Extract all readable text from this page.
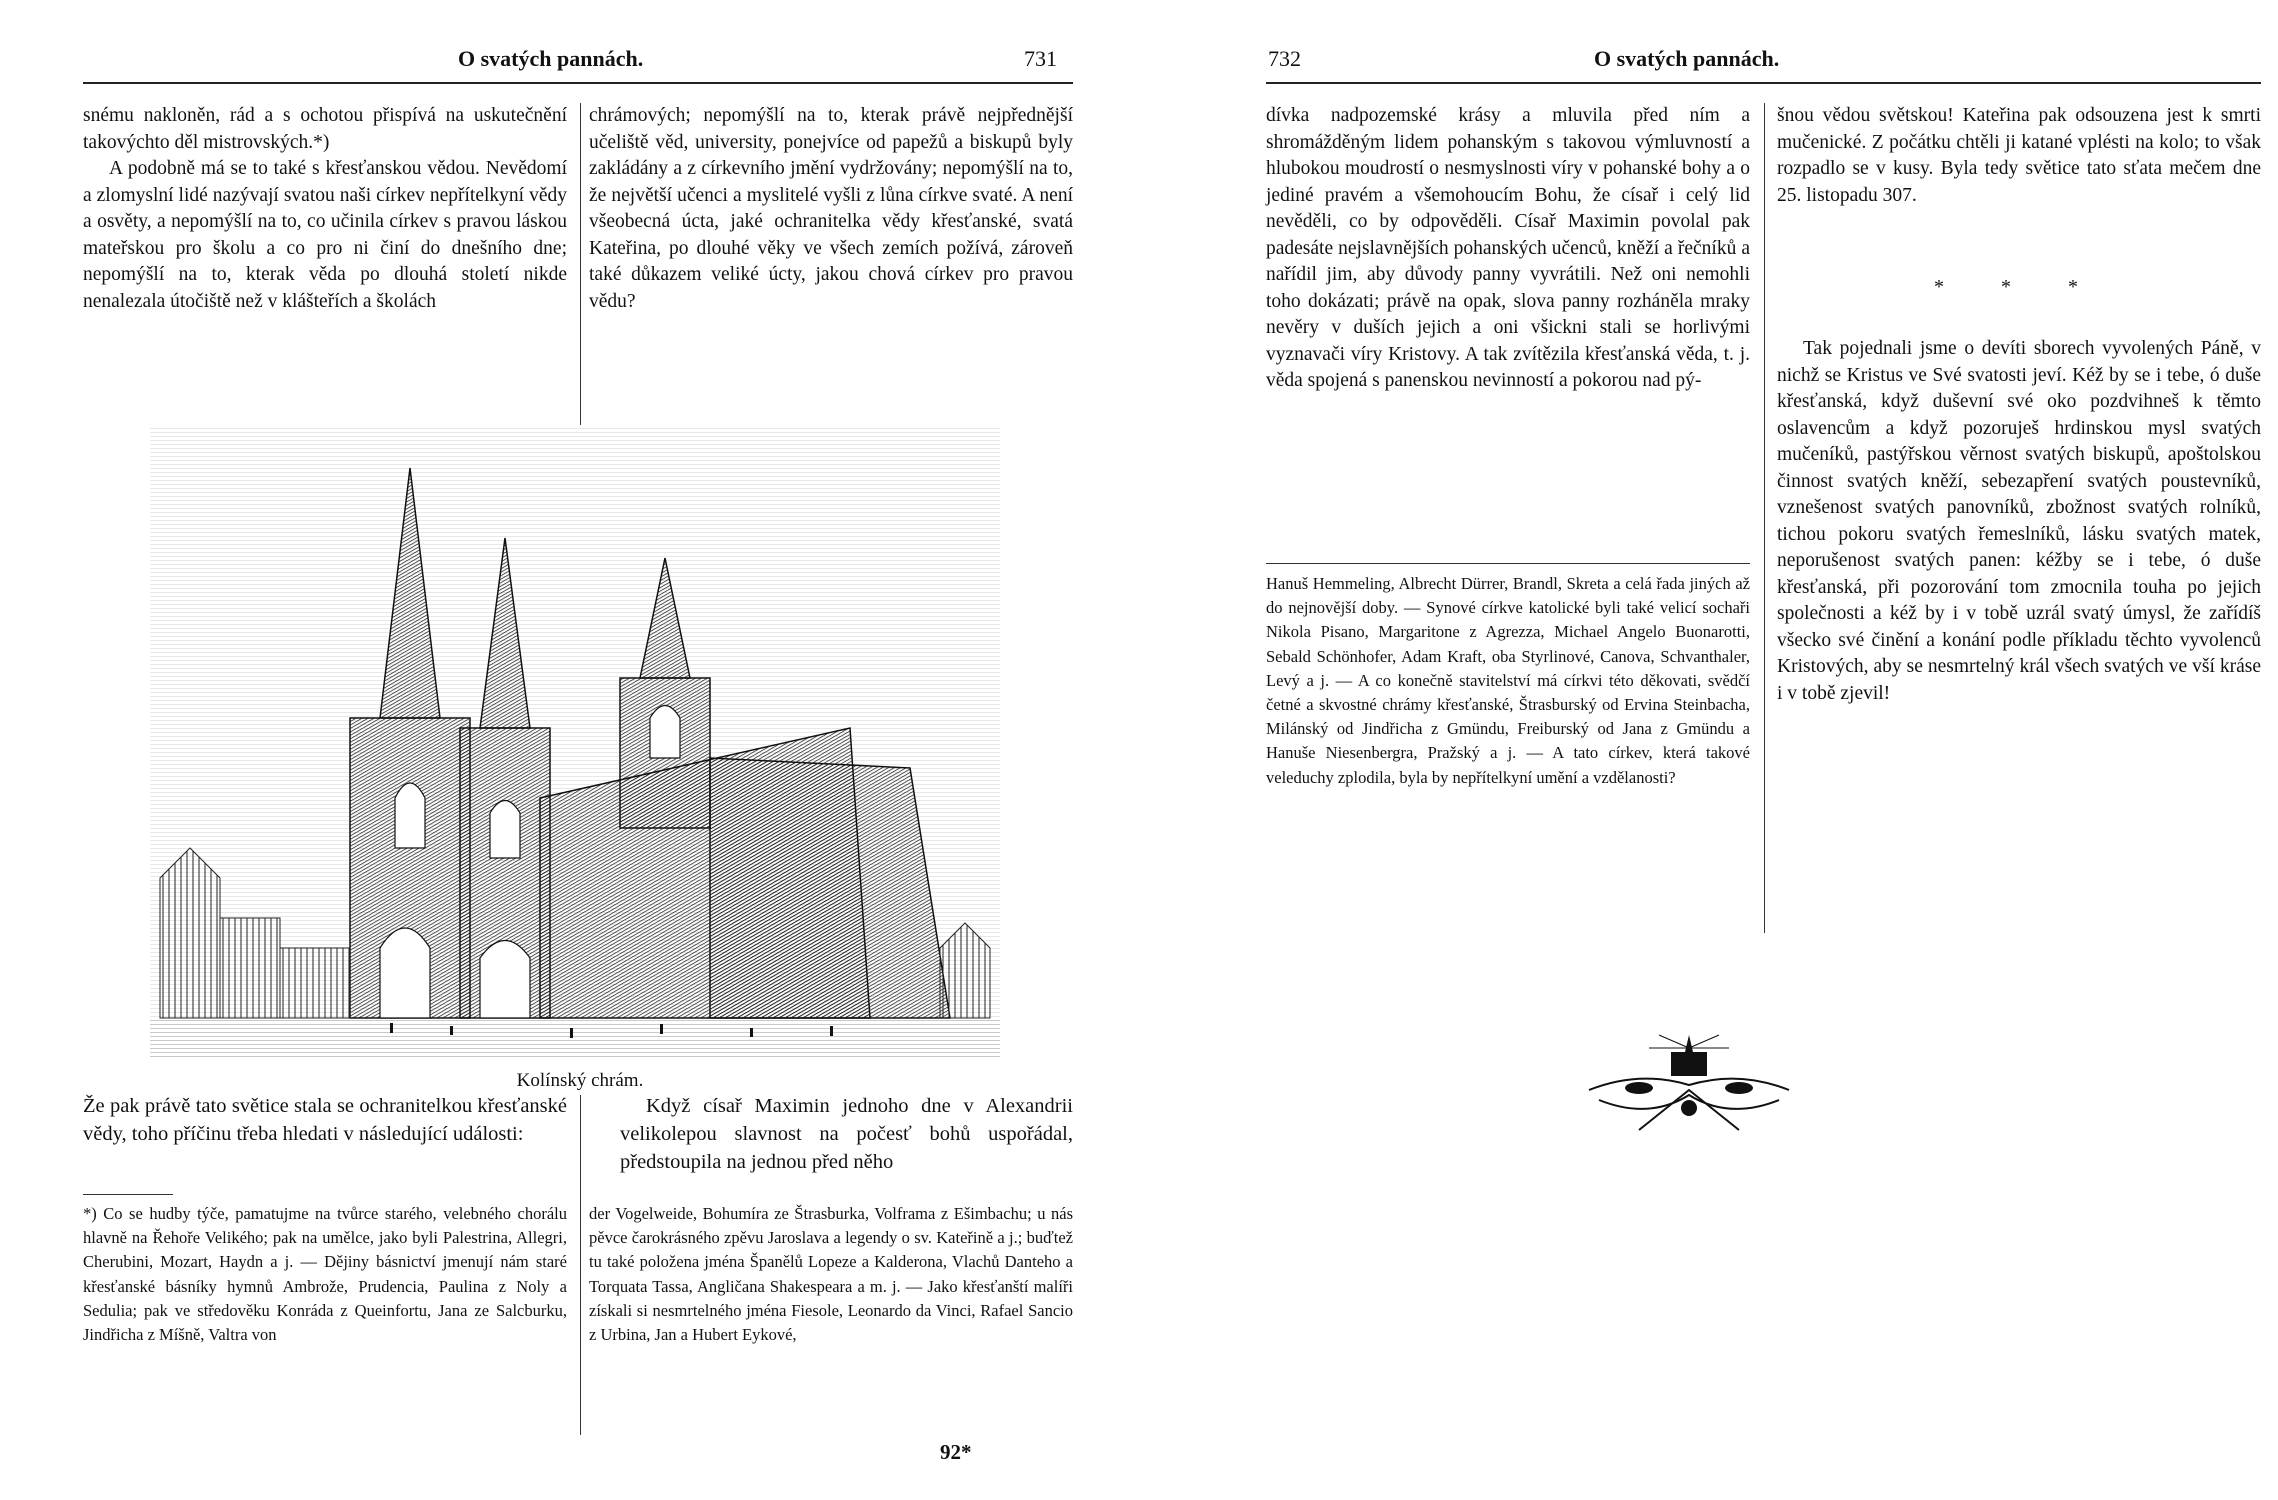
O svatých pannách.	731

snému nakloněn, rád a s ochotou přispívá na uskutečnění takovýchto děl mistrovských.*)

A podobně má se to také s křesťanskou vědou. Nevědomí a zlomyslní lidé nazývají svatou naši církev nepřítelkyní vědy a osvěty, a nepomýšlí na to, co učinila církev s pravou láskou mateřskou pro školu a co pro ni činí do dnešního dne; nepomýšlí na to, kterak věda po dlouhá století nikde nenalezala útočiště než v klášteřích a školách

chrámových; nepomýšlí na to, kterak právě nejpřednější učeliště věd, university, ponejvíce od papežů a biskupů byly zakládány a z církevního jmění vydržovány; nepomýšlí na to, že největší učenci a myslitelé vyšli z lůna církve svaté. A není všeobecná úcta, jaké ochranitelka vědy křesťanské, svatá Kateřina, po dlouhé věky ve všech zemích požívá, zároveň také důkazem veliké úcty, jakou chová církev pro pravou vědu?

Kolínský chrám.

Že pak právě tato světice stala se ochranitelkou křesťanské vědy, toho příčinu třeba hledati v následující události:

Když císař Maximin jednoho dne v Alexandrii velikolepou slavnost na počesť bohů uspořádal, předstoupila na jednou před něho

*) Co se hudby týče, pamatujme na tvůrce starého, velebného chorálu hlavně na Řehoře Velikého; pak na umělce, jako byli Palestrina, Allegri, Cherubini, Mozart, Haydn a j. — Dějiny básnictví jmenují nám staré křesťanské básníky hymnů Ambrože, Prudencia, Paulina z Noly a Sedulia; pak ve středověku Konráda z Queinfortu, Jana ze Salcburku, Jindřicha z Míšně, Valtra von

der Vogelweide, Bohumíra ze Štrasburka, Volframa z Ešimbachu; u nás pěvce čarokrásného zpěvu Jaroslava a legendy o sv. Kateřině a j.; buďtež tu také položena jména Španělů Lopeze a Kalderona, Vlachů Danteho a Torquata Tassa, Angličana Shakespeara a m. j. — Jako křesťanští malíři získali si nesmrtelného jména Fiesole, Leonardo da Vinci, Rafael Sancio z Urbina, Jan a Hubert Eykové,

92*
732	O svatých pannách.

dívka nadpozemské krásy a mluvila před ním a shromážděným lidem pohanským s takovou výmluvností a hlubokou moudrostí o nesmyslnosti víry v pohanské bohy a o jediné pravém a všemohoucím Bohu, že císař i celý lid nevěděli, co by odpověděli. Císař Maximin povolal pak padesáte nejslavnějších pohanských učenců, kněží a řečníků a nařídil jim, aby důvody panny vyvrátili. Než oni nemohli toho dokázati; právě na opak, slova panny rozháněla mraky nevěry v duších jejich a oni všickni stali se horlivými vyznavači víry Kristovy. A tak zvítězila křesťanská věda, t. j. věda spojená s panenskou nevinností a pokorou nad pý-

Hanuš Hemmeling, Albrecht Dürrer, Brandl, Skreta a celá řada jiných až do nejnovější doby. — Synové církve katolické byli také velicí sochaři Nikola Pisano, Margaritone z Agrezza, Michael Angelo Buonarotti, Sebald Schönhofer, Adam Kraft, oba Styrlinové, Canova, Schvanthaler, Levý a j. — A co konečně stavitelství má církvi této děkovati, svědčí četné a skvostné chrámy křesťanské, Štrasburský od Ervina Steinbacha, Milánský od Jindřicha z Gmündu, Freiburský od Jana z Gmündu a Hanuše Niesenbergra, Pražský a j. — A tato církev, která takové veleduchy zplodila, byla by nepřítelkyní umění a vzdělanosti?

šnou vědou světskou! Kateřina pak odsouzena jest k smrti mučenické. Z počátku chtěli ji katané vplésti na kolo; to však rozpadlo se v kusy. Byla tedy světice tato sťata mečem dne 25. listopadu 307.

* * *

Tak pojednali jsme o devíti sborech vyvolených Páně, v nichž se Kristus ve Své svatosti jeví. Kéž by se i tebe, ó duše křesťanská, když duševní své oko pozdvihneš k těmto oslavencům a když pozoruješ hrdinskou mysl svatých mučeníků, pastýřskou věrnost svatých biskupů, apoštolskou činnost svatých kněží, sebezapření svatých poustevníků, vznešenost svatých panovníků, zbožnost svatých rolníků, tichou pokoru svatých řemeslníků, lásku svatých matek, neporušenost svatých panen: kéžby se i tebe, ó duše křesťanská, při pozorování tom zmocnila touha po jejich společnosti a kéž by i v tobě uzrál svatý úmysl, že zařídíš všecko své činění a konání podle příkladu těchto vyvolenců Kristových, aby se nesmrtelný král všech svatých ve vší kráse i v tobě zjevil!
